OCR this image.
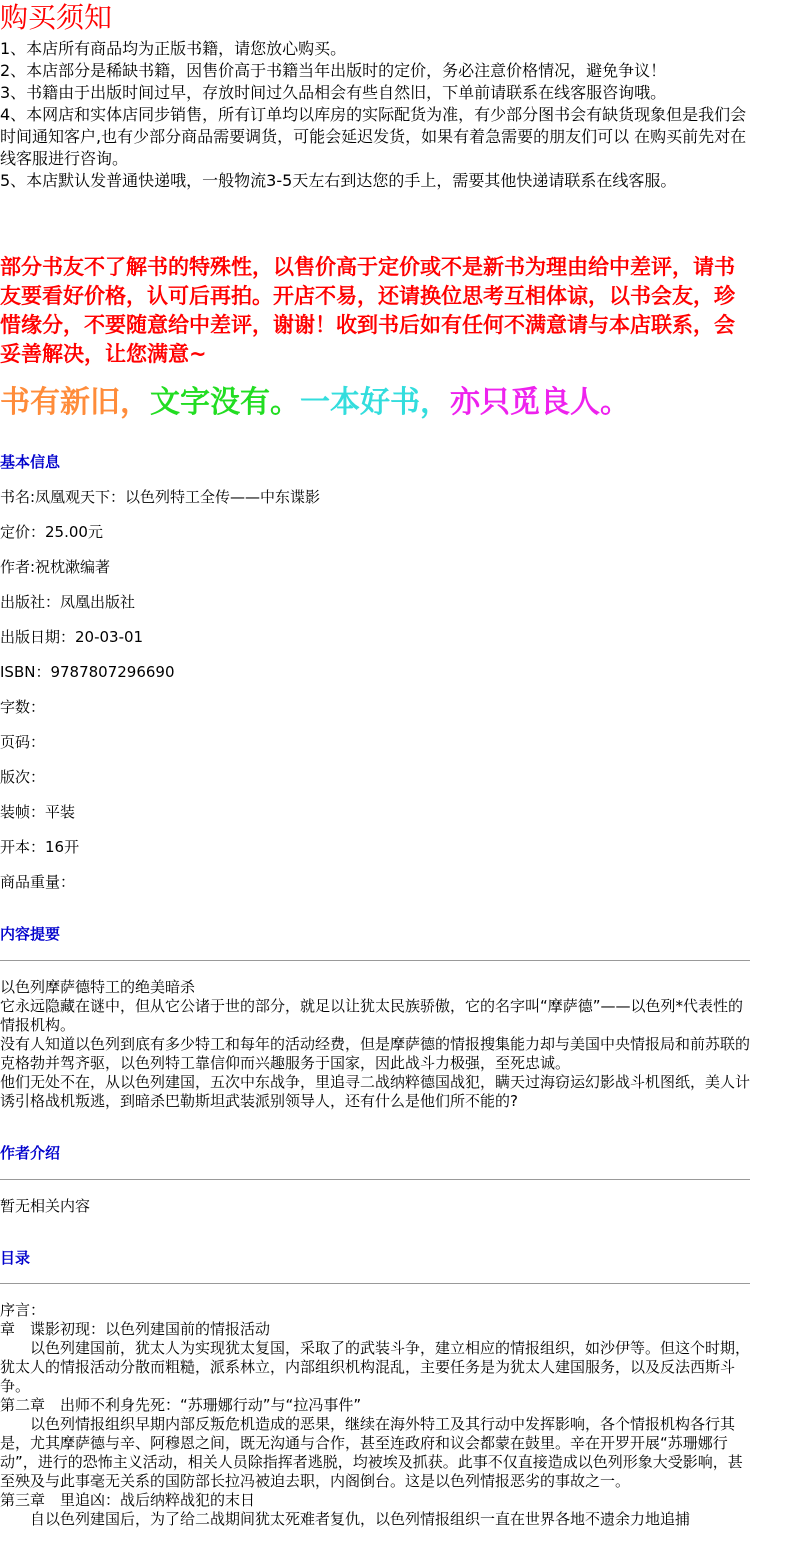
购买须知
1、本店所有商品均为正版书籍，请您放心购买。
2、本店部分是稀缺书籍，因售价高于书籍当年出版时的定价，务必注意价格情况，避免争议！
3、书籍由于出版时间过早，存放时间过久品相会有些自然旧，下单前请联系在线客服咨询哦。
4、本网店和实体店同步销售，所有订单均以库房的实际配货为准，有少部分图书会有缺货现象但是我们会时间通知客户,也有少部分商品需要调货，可能会延迟发货，如果有着急需要的朋友们可以 在购买前先对在线客服进行咨询。
5、本店默认发普通快递哦，一般物流3-5天左右到达您的手上，需要其他快递请联系在线客服。
部分书友不了解书的特殊性，以售价高于定价或不是新书为理由给中差评，请书友要看好价格，认可后再拍。开店不易，还请换位思考互相体谅，以书会友，珍惜缘分，不要随意给中差评，谢谢！收到书后如有任何不满意请与本店联系，会妥善解决，让您满意~
书有新旧，文字没有。一本好书，亦只觅良人。
基本信息
书名:凤凰观天下：以色列特工全传——中东谍影
定价：25.00元
作者:祝枕漱编著
出版社：凤凰出版社
出版日期：20-03-01
ISBN：9787807296690
字数：
页码：
版次：
装帧：平装
开本：16开
商品重量：
内容提要
以色列摩萨德特工的绝美暗杀
它永远隐藏在谜中，但从它公诸于世的部分，就足以让犹太民族骄傲，它的名字叫“摩萨德”——以色列*代表性的情报机构。
没有人知道以色列到底有多少特工和每年的活动经费，但是摩萨德的情报搜集能力却与美国中央情报局和前苏联的克格勃并驾齐驱，以色列特工靠信仰而兴趣服务于国家，因此战斗力极强，至死忠诚。
他们无处不在，从以色列建国，五次中东战争，里追寻二战纳粹德国战犯，瞒天过海窃运幻影战斗机图纸，美人计诱引格战机叛逃，到暗杀巴勒斯坦武装派别领导人，还有什么是他们所不能的?
作者介绍
暂无相关内容
目录
序言：
章　谍影初现：以色列建国前的情报活动
以色列建国前，犹太人为实现犹太复国，采取了的武装斗争，建立相应的情报组织，如沙伊等。但这个时期，犹太人的情报活动分散而粗糙，派系林立，内部组织机构混乱，主要任务是为犹太人建国服务，以及反法西斯斗争。
第二章　出师不利身先死：“苏珊娜行动”与“拉冯事件”
以色列情报组织早期内部反叛危机造成的恶果，继续在海外特工及其行动中发挥影响，各个情报机构各行其是，尤其摩萨德与辛、阿穆恩之间，既无沟通与合作，甚至连政府和议会都蒙在鼓里。辛在开罗开展“苏珊娜行动”，进行的恐怖主义活动，相关人员除指挥者逃脱，均被埃及抓获。此事不仅直接造成以色列形象大受影响，甚至殃及与此事毫无关系的国防部长拉冯被迫去职，内阁倒台。这是以色列情报恶劣的事故之一。
第三章　里追凶：战后纳粹战犯的末日
自以色列建国后，为了给二战期间犹太死难者复仇，以色列情报组织一直在世界各地不遗余力地追捕
